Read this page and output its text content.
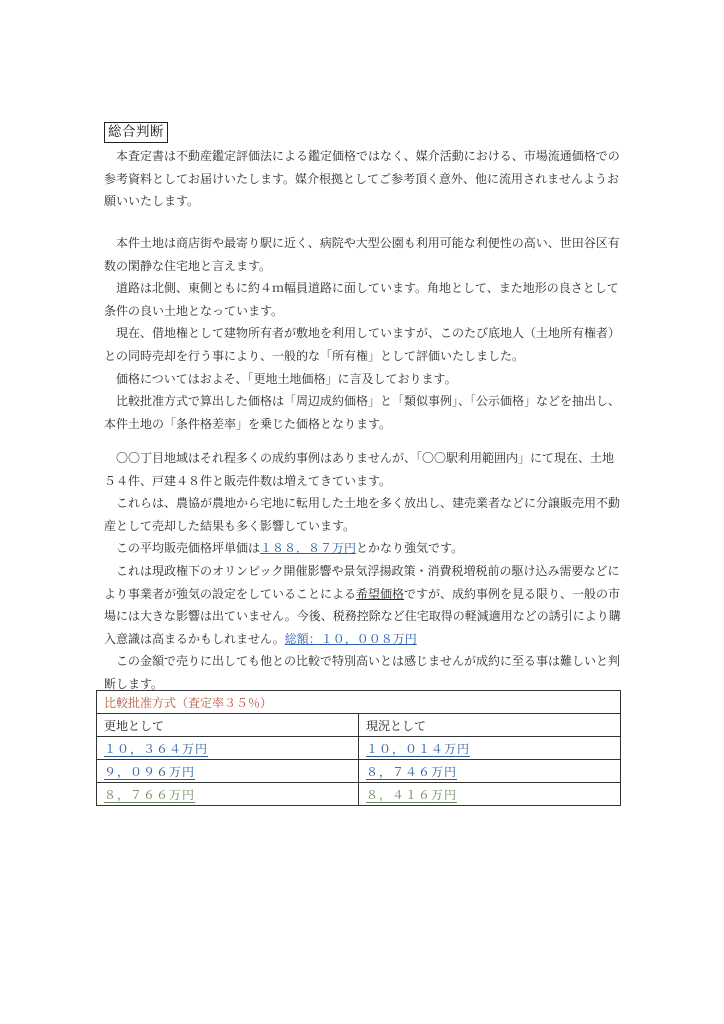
総合判断
本査定書は不動産鑑定評価法による鑑定価格ではなく、媒介活動における、市場流通価格での参考資料としてお届けいたします。媒介根拠としてご参考頂く意外、他に流用されませんようお願いいたします。
本件土地は商店街や最寄り駅に近く、病院や大型公園も利用可能な利便性の高い、世田谷区有数の閑静な住宅地と言えます。
道路は北側、東側ともに約４ｍ幅員道路に面しています。角地として、また地形の良さとして条件の良い土地となっています。
現在、借地権として建物所有者が敷地を利用していますが、このたび底地人（土地所有権者）との同時売却を行う事により、一般的な「所有権」として評価いたしました。
価格についてはおよそ、「更地土地価格」に言及しております。
比較批准方式で算出した価格は「周辺成約価格」と「類似事例」、「公示価格」などを抽出し、本件土地の「条件格差率」を乗じた価格となります。
〇〇丁目地域はそれ程多くの成約事例はありませんが、「〇〇駅利用範囲内」にて現在、土地５４件、戸建４８件と販売件数は増えてきています。
これらは、農協が農地から宅地に転用した土地を多く放出し、建売業者などに分譲販売用不動産として売却した結果も多く影響しています。
この平均販売価格坪単価は１８８．８７万円とかなり強気です。
これは現政権下のオリンピック開催影響や景気浮揚政策・消費税増税前の駆け込み需要などにより事業者が強気の設定をしていることによる希望価格ですが、成約事例を見る限り、一般の市場には大きな影響は出ていません。今後、税務控除など住宅取得の軽減適用などの誘引により購入意識は高まるかもしれません。総額：１０，００８万円
この金額で売りに出しても他との比較で特別高いとは感じませんが成約に至る事は難しいと判断します。
比較批准方式（査定率３５％）	
更地として	現況として
１０，３６４万円	１０，０１４万円
９，０９６万円	８，７４６万円
８，７６６万円	８，４１６万円
